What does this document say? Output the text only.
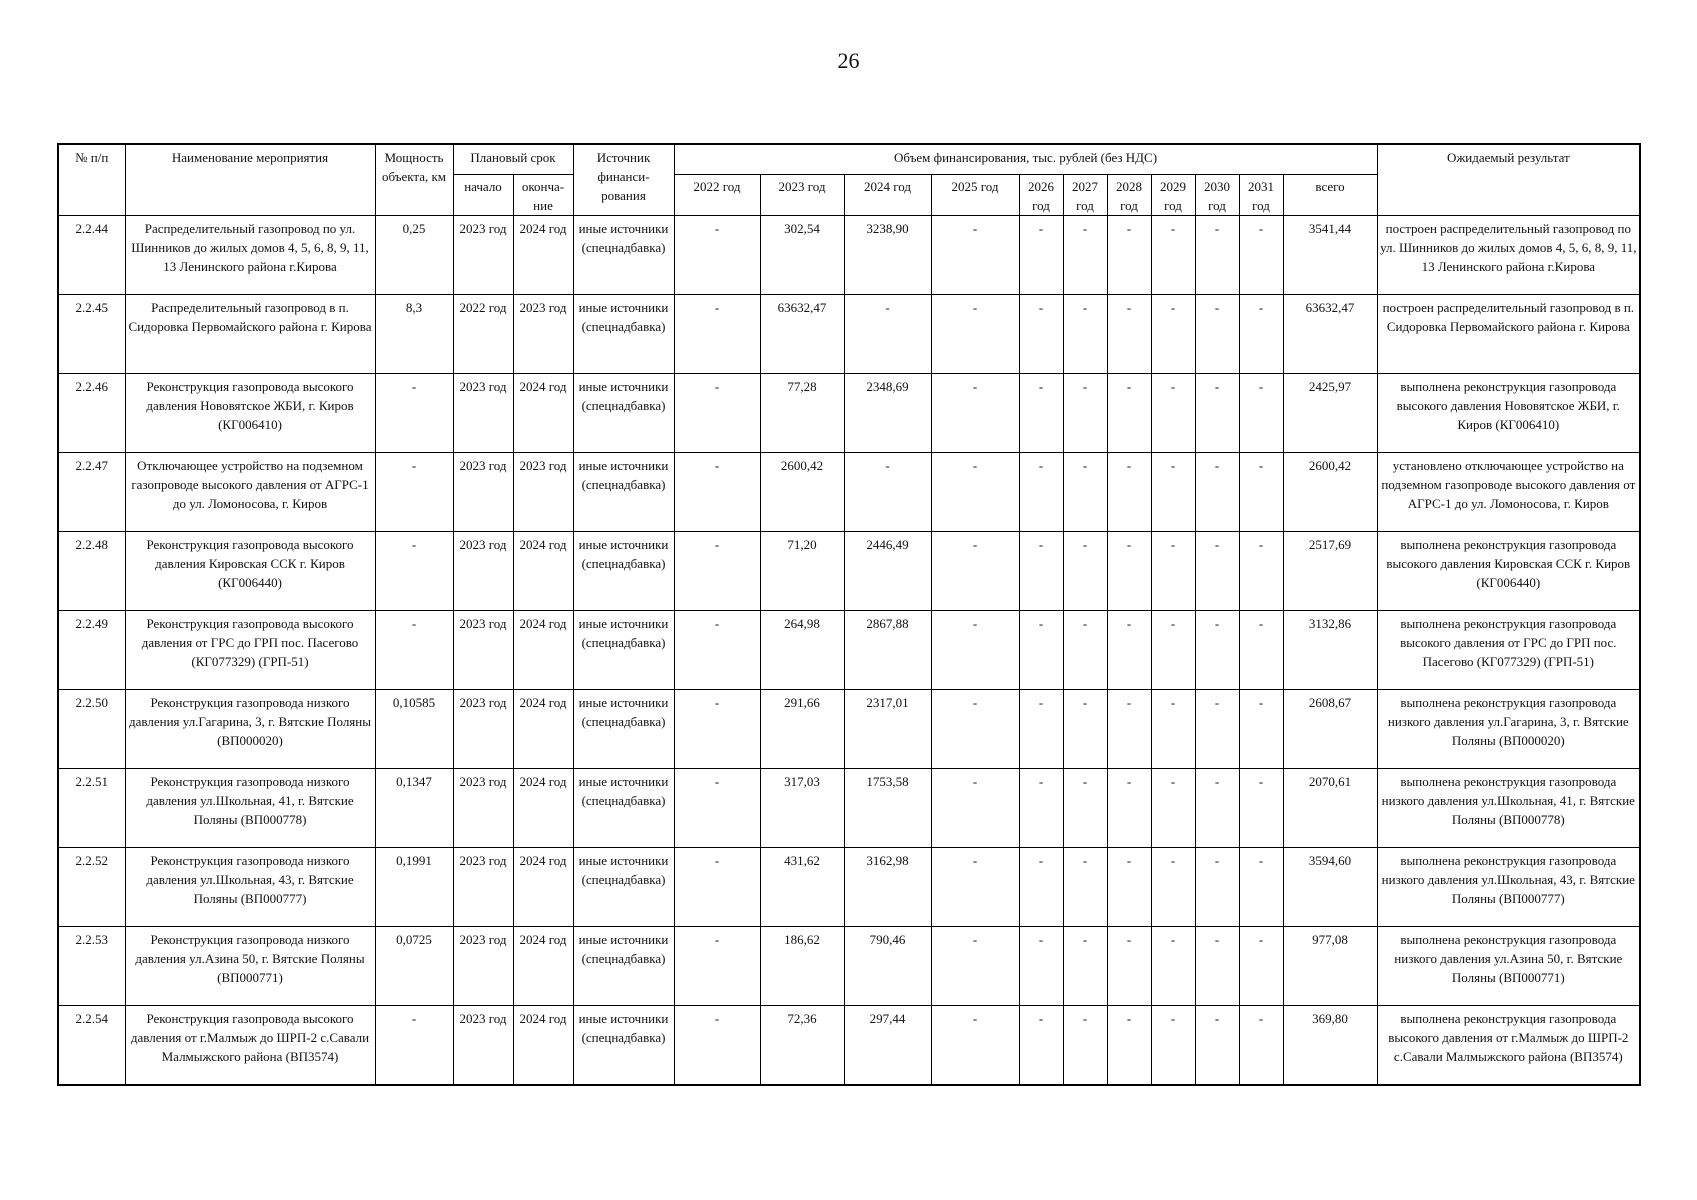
26
№ п/п	Наименование мероприятия	Мощность объекта, км	Плановый срок		Источник финанси-рования	Объем финансирования, тыс. рублей (без НДС)											Ожидаемый результат
			начало	оконча-ние		2022 год	2023 год	2024 год	2025 год	2026 год	2027 год	2028 год	2029 год	2030 год	2031 год	всего	
2.2.44	Распределительный газопровод по ул. Шинников до жилых домов 4, 5, 6, 8, 9, 11, 13 Ленинского района г.Кирова	0,25	2023 год	2024 год	иные источники (спецнадбавка)	-	302,54	3238,90	-	-	-	-	-	-	-	3541,44	построен распределительный газопровод по ул. Шинников до жилых домов 4, 5, 6, 8, 9, 11, 13 Ленинского района г.Кирова
2.2.45	Распределительный газопровод в п. Сидоровка Первомайского района г. Кирова	8,3	2022 год	2023 год	иные источники (спецнадбавка)	-	63632,47	-	-	-	-	-	-	-	-	63632,47	построен распределительный газопровод в п. Сидоровка Первомайского района г. Кирова
2.2.46	Реконструкция газопровода высокого давления Нововятское ЖБИ, г. Киров (КГ006410)	-	2023 год	2024 год	иные источники (спецнадбавка)	-	77,28	2348,69	-	-	-	-	-	-	-	2425,97	выполнена реконструкция газопровода высокого давления Нововятское ЖБИ, г. Киров (КГ006410)
2.2.47	Отключающее устройство на подземном газопроводе высокого давления от АГРС-1 до ул. Ломоносова, г. Киров	-	2023 год	2023 год	иные источники (спецнадбавка)	-	2600,42	-	-	-	-	-	-	-	-	2600,42	установлено отключающее устройство на подземном газопроводе высокого давления от АГРС-1 до ул. Ломоносова, г. Киров
2.2.48	Реконструкция газопровода высокого давления Кировская ССК г. Киров (КГ006440)	-	2023 год	2024 год	иные источники (спецнадбавка)	-	71,20	2446,49	-	-	-	-	-	-	-	2517,69	выполнена реконструкция газопровода высокого давления Кировская ССК г. Киров (КГ006440)
2.2.49	Реконструкция газопровода высокого давления от ГРС до ГРП пос. Пасегово (КГ077329) (ГРП-51)	-	2023 год	2024 год	иные источники (спецнадбавка)	-	264,98	2867,88	-	-	-	-	-	-	-	3132,86	выполнена реконструкция газопровода высокого давления от ГРС до ГРП пос. Пасегово (КГ077329) (ГРП-51)
2.2.50	Реконструкция газопровода низкого давления ул.Гагарина, 3, г. Вятские Поляны (ВП000020)	0,10585	2023 год	2024 год	иные источники (спецнадбавка)	-	291,66	2317,01	-	-	-	-	-	-	-	2608,67	выполнена реконструкция газопровода низкого давления ул.Гагарина, 3, г. Вятские Поляны (ВП000020)
2.2.51	Реконструкция газопровода низкого давления ул.Школьная, 41, г. Вятские Поляны (ВП000778)	0,1347	2023 год	2024 год	иные источники (спецнадбавка)	-	317,03	1753,58	-	-	-	-	-	-	-	2070,61	выполнена реконструкция газопровода низкого давления ул.Школьная, 41, г. Вятские Поляны (ВП000778)
2.2.52	Реконструкция газопровода низкого давления ул.Школьная, 43, г. Вятские Поляны (ВП000777)	0,1991	2023 год	2024 год	иные источники (спецнадбавка)	-	431,62	3162,98	-	-	-	-	-	-	-	3594,60	выполнена реконструкция газопровода низкого давления ул.Школьная, 43, г. Вятские Поляны (ВП000777)
2.2.53	Реконструкция газопровода низкого давления ул.Азина 50, г. Вятские Поляны (ВП000771)	0,0725	2023 год	2024 год	иные источники (спецнадбавка)	-	186,62	790,46	-	-	-	-	-	-	-	977,08	выполнена реконструкция газопровода низкого давления ул.Азина 50, г. Вятские Поляны (ВП000771)
2.2.54	Реконструкция газопровода высокого давления от г.Малмыж до ШРП-2 с.Савали Малмыжского района (ВП3574)	-	2023 год	2024 год	иные источники (спецнадбавка)	-	72,36	297,44	-	-	-	-	-	-	-	369,80	выполнена реконструкция газопровода высокого давления от г.Малмыж до ШРП-2 с.Савали Малмыжского района (ВП3574)
